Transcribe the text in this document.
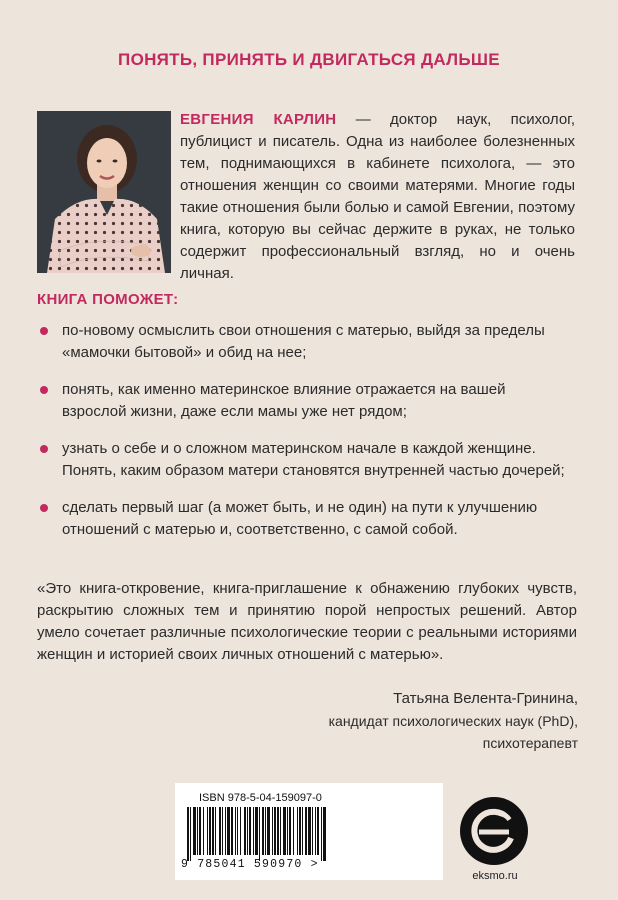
ПОНЯТЬ, ПРИНЯТЬ И ДВИГАТЬСЯ ДАЛЬШЕ
ЕВГЕНИЯ КАРЛИН — доктор наук, психолог, публицист и писатель. Одна из наиболее болезненных тем, поднимающихся в кабинете психолога, — это отношения женщин со своими матерями. Многие годы такие отношения были болью и самой Евгении, поэтому книга, которую вы сейчас держите в руках, не только содержит профессиональный взгляд, но и очень личная.
КНИГА ПОМОЖЕТ:
по-новому осмыслить свои отношения с матерью, выйдя за пределы «мамочки бытовой» и обид на нее;
понять, как именно материнское влияние отражается на вашей взрослой жизни, даже если мамы уже нет рядом;
узнать о себе и о сложном материнском начале в каждой женщине. Понять, каким образом матери становятся внутренней частью дочерей;
сделать первый шаг (а может быть, и не один) на пути к улучшению отношений с матерью и, соответственно, с самой собой.
«Это книга-откровение, книга-приглашение к обнажению глубоких чувств, раскрытию сложных тем и принятию порой непростых решений. Автор умело сочетает различные психологические теории с реальными историями женщин и историей своих личных отношений с матерью».
Татьяна Велента-Гринина,
кандидат психологических наук (PhD),
психотерапевт
ISBN 978-5-04-159097-0
9 785041 590970 >
eksmo.ru
